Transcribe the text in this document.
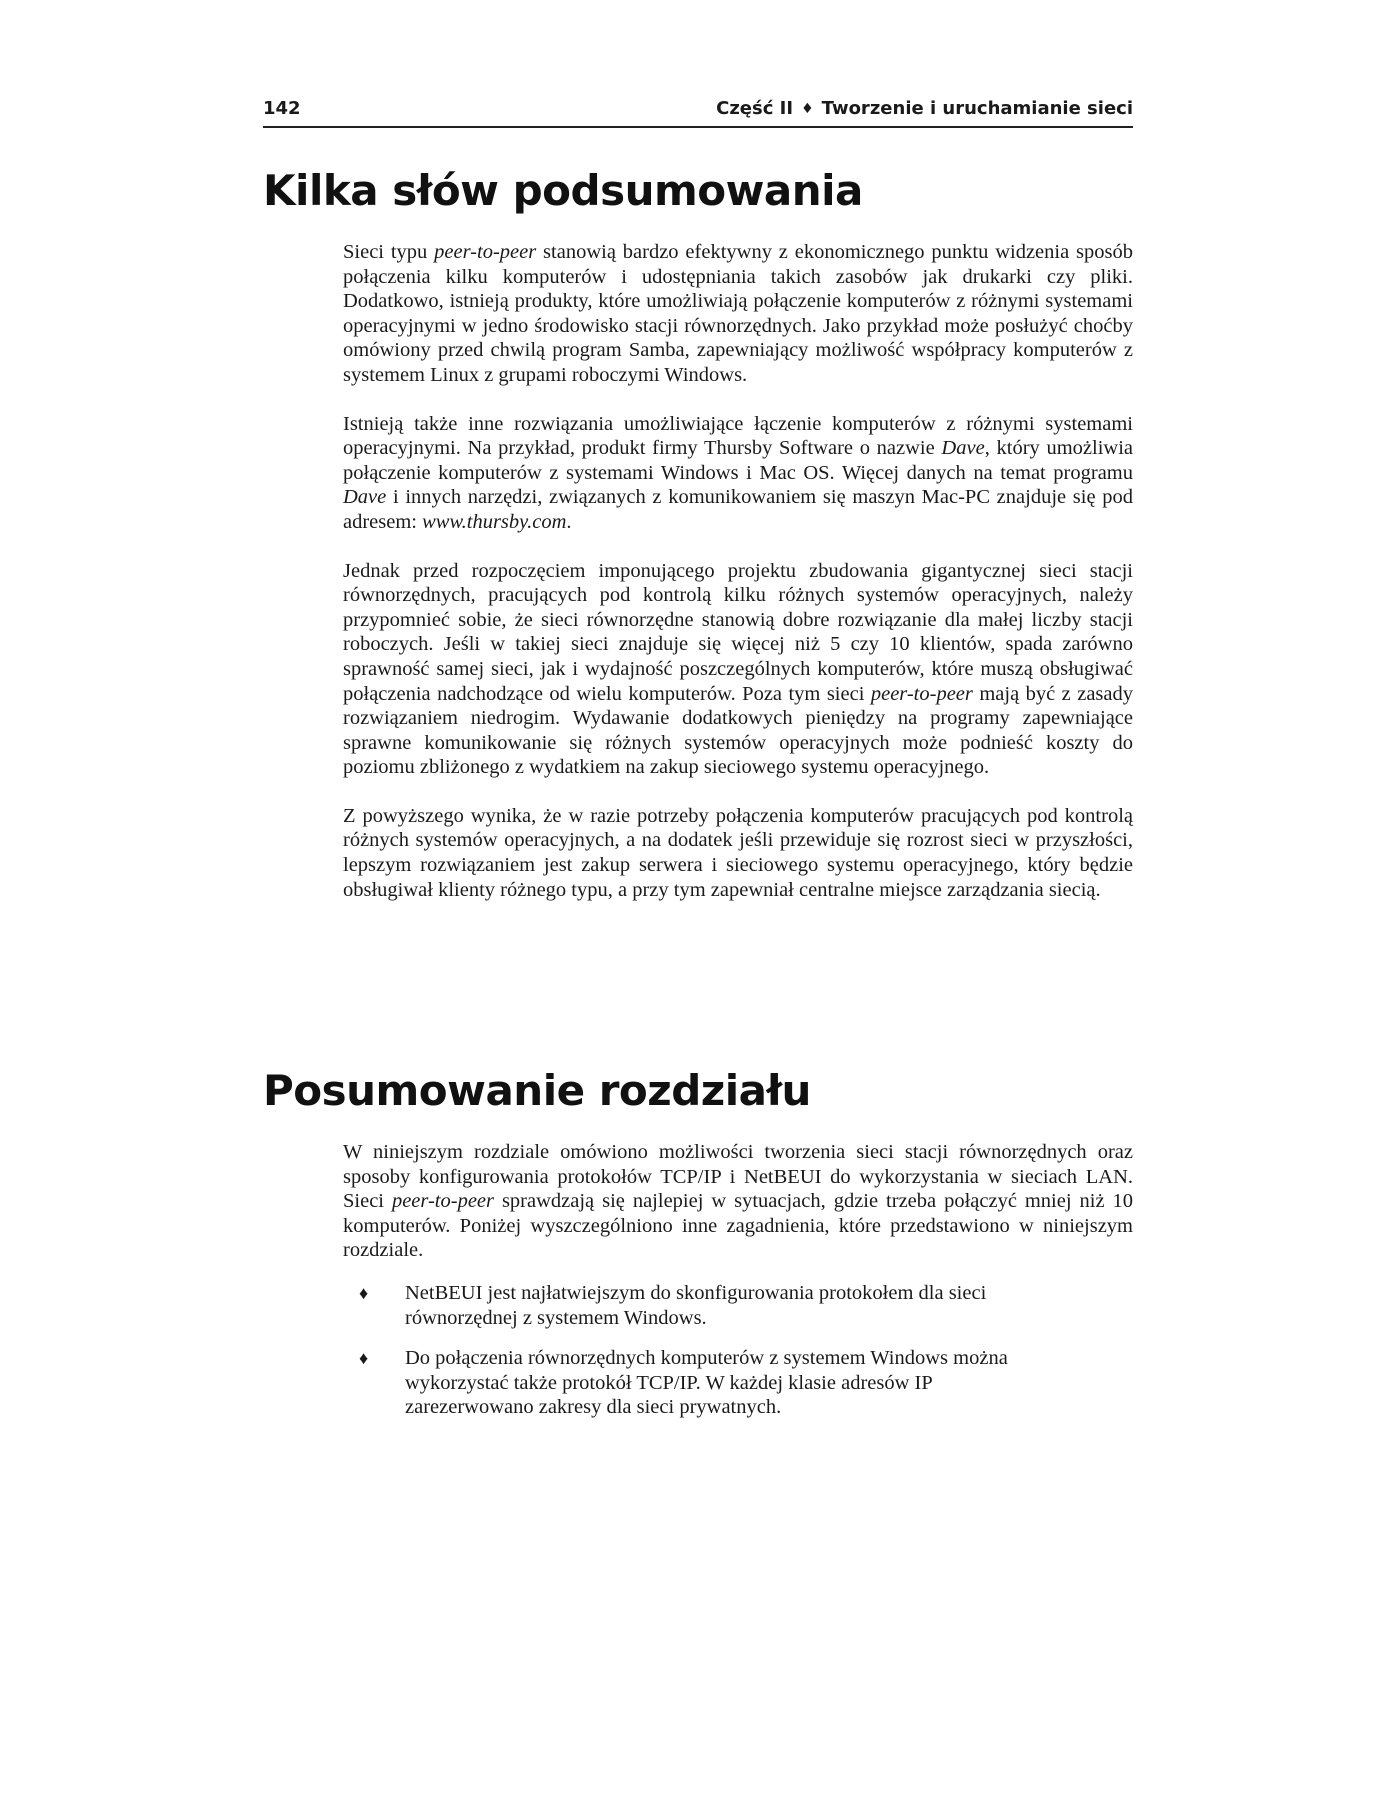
142	Część II ♦ Tworzenie i uruchamianie sieci
Kilka słów podsumowania

Sieci typu peer-to-peer stanowią bardzo efektywny z ekonomicznego punktu widzenia sposób połączenia kilku komputerów i udostępniania takich zasobów jak drukarki czy pliki. Dodatkowo, istnieją produkty, które umożliwiają połączenie komputerów z różnymi systemami operacyjnymi w jedno środowisko stacji równorzędnych. Jako przykład może posłużyć choćby omówiony przed chwilą program Samba, zapewniający możliwość współpracy komputerów z systemem Linux z grupami roboczymi Windows.

Istnieją także inne rozwiązania umożliwiające łączenie komputerów z różnymi systemami operacyjnymi. Na przykład, produkt firmy Thursby Software o nazwie Dave, który umożliwia połączenie komputerów z systemami Windows i Mac OS. Więcej danych na temat programu Dave i innych narzędzi, związanych z komunikowaniem się maszyn Mac-PC znajduje się pod adresem: www.thursby.com.

Jednak przed rozpoczęciem imponującego projektu zbudowania gigantycznej sieci stacji równorzędnych, pracujących pod kontrolą kilku różnych systemów operacyjnych, należy przypomnieć sobie, że sieci równorzędne stanowią dobre rozwiązanie dla małej liczby stacji roboczych. Jeśli w takiej sieci znajduje się więcej niż 5 czy 10 klientów, spada zarówno sprawność samej sieci, jak i wydajność poszczególnych komputerów, które muszą obsługiwać połączenia nadchodzące od wielu komputerów. Poza tym sieci peer-to-peer mają być z zasady rozwiązaniem niedrogim. Wydawanie dodatkowych pieniędzy na programy zapewniające sprawne komunikowanie się różnych systemów operacyjnych może podnieść koszty do poziomu zbliżonego z wydatkiem na zakup sieciowego systemu operacyjnego.

Z powyższego wynika, że w razie potrzeby połączenia komputerów pracujących pod kontrolą różnych systemów operacyjnych, a na dodatek jeśli przewiduje się rozrost sieci w przyszłości, lepszym rozwiązaniem jest zakup serwera i sieciowego systemu operacyjnego, który będzie obsługiwał klienty różnego typu, a przy tym zapewniał centralne miejsce zarządzania siecią.

Posumowanie rozdziału

W niniejszym rozdziale omówiono możliwości tworzenia sieci stacji równorzędnych oraz sposoby konfigurowania protokołów TCP/IP i NetBEUI do wykorzystania w sieciach LAN. Sieci peer-to-peer sprawdzają się najlepiej w sytuacjach, gdzie trzeba połączyć mniej niż 10 komputerów. Poniżej wyszczególniono inne zagadnienia, które przedstawiono w niniejszym rozdziale.

♦ NetBEUI jest najłatwiejszym do skonfigurowania protokołem dla sieci równorzędnej z systemem Windows.
♦ Do połączenia równorzędnych komputerów z systemem Windows można wykorzystać także protokół TCP/IP. W każdej klasie adresów IP zarezerwowano zakresy dla sieci prywatnych.
